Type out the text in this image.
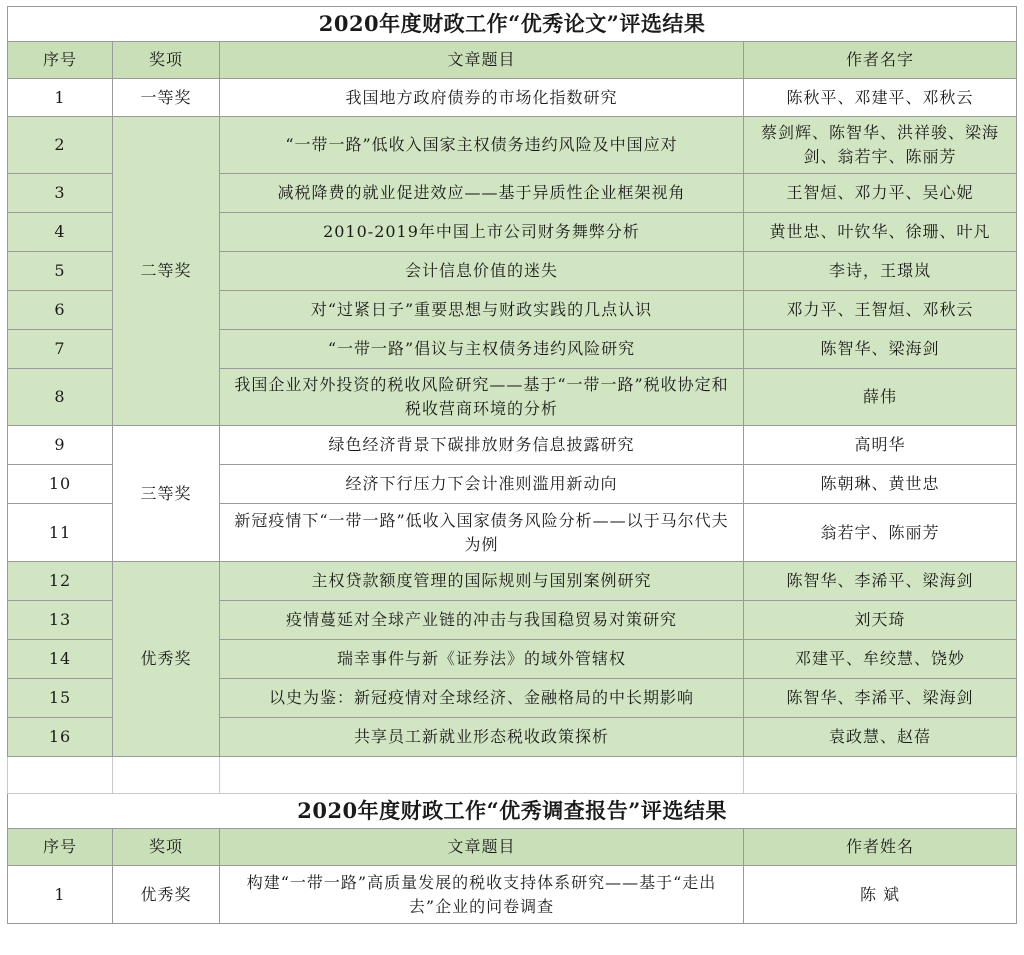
2020年度财政工作“优秀论文”评选结果			
序号	奖项	文章题目	作者名字
1	一等奖	我国地方政府债券的市场化指数研究	陈秋平、邓建平、邓秋云
2	二等奖	“一带一路”低收入国家主权债务违约风险及中国应对	蔡剑辉、陈智华、洪祥骏、梁海剑、翁若宇、陈丽芳
3		减税降费的就业促进效应——基于异质性企业框架视角	王智烜、邓力平、吴心妮
4		2010-2019年中国上市公司财务舞弊分析	黄世忠、叶钦华、徐珊、叶凡
5		会计信息价值的迷失	李诗，王璟岚
6		对“过紧日子”重要思想与财政实践的几点认识	邓力平、王智烜、邓秋云
7		“一带一路”倡议与主权债务违约风险研究	陈智华、梁海剑
8		我国企业对外投资的税收风险研究——基于“一带一路”税收协定和税收营商环境的分析	薛伟
9	三等奖	绿色经济背景下碳排放财务信息披露研究	高明华
10		经济下行压力下会计准则滥用新动向	陈朝琳、黄世忠
11		新冠疫情下“一带一路”低收入国家债务风险分析——以于马尔代夫为例	翁若宇、陈丽芳
12	优秀奖	主权贷款额度管理的国际规则与国别案例研究	陈智华、李浠平、梁海剑
13		疫情蔓延对全球产业链的冲击与我国稳贸易对策研究	刘天琦
14		瑞幸事件与新《证券法》的域外管辖权	邓建平、牟绞慧、饶妙
15		以史为鉴：新冠疫情对全球经济、金融格局的中长期影响	陈智华、李浠平、梁海剑
16		共享员工新就业形态税收政策探析	袁政慧、赵蓓

2020年度财政工作“优秀调查报告”评选结果			
序号	奖项	文章题目	作者姓名
1	优秀奖	构建“一带一路”高质量发展的税收支持体系研究——基于“走出去”企业的问卷调查	陈 斌
